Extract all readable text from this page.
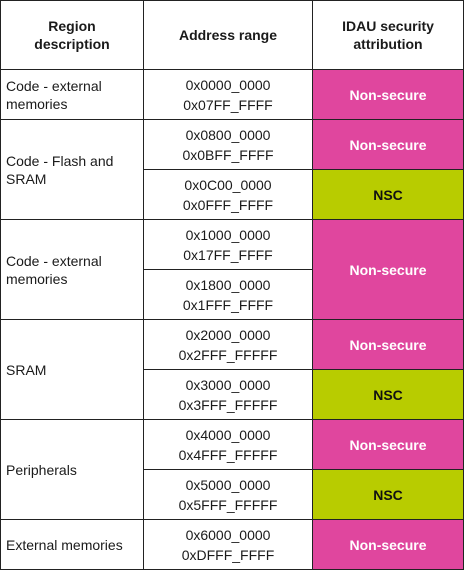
Region
description	Address range	IDAU security
attribution

Code - external
memories	0x0000_0000
0x07FF_FFFF	Non-secure

Code - Flash and
SRAM	0x0800_0000
0x0BFF_FFFF	Non-secure

	0x0C00_0000
0x0FFF_FFFF	NSC

Code - external
memories	0x1000_0000
0x17FF_FFFF	Non-secure

	0x1800_0000
0x1FFF_FFFF	

SRAM	0x2000_0000
0x2FFF_FFFFF	Non-secure

	0x3000_0000
0x3FFF_FFFFF	NSC

Peripherals	0x4000_0000
0x4FFF_FFFFF	Non-secure

	0x5000_0000
0x5FFF_FFFFF	NSC

External memories	0x6000_0000
0xDFFF_FFFF	Non-secure
